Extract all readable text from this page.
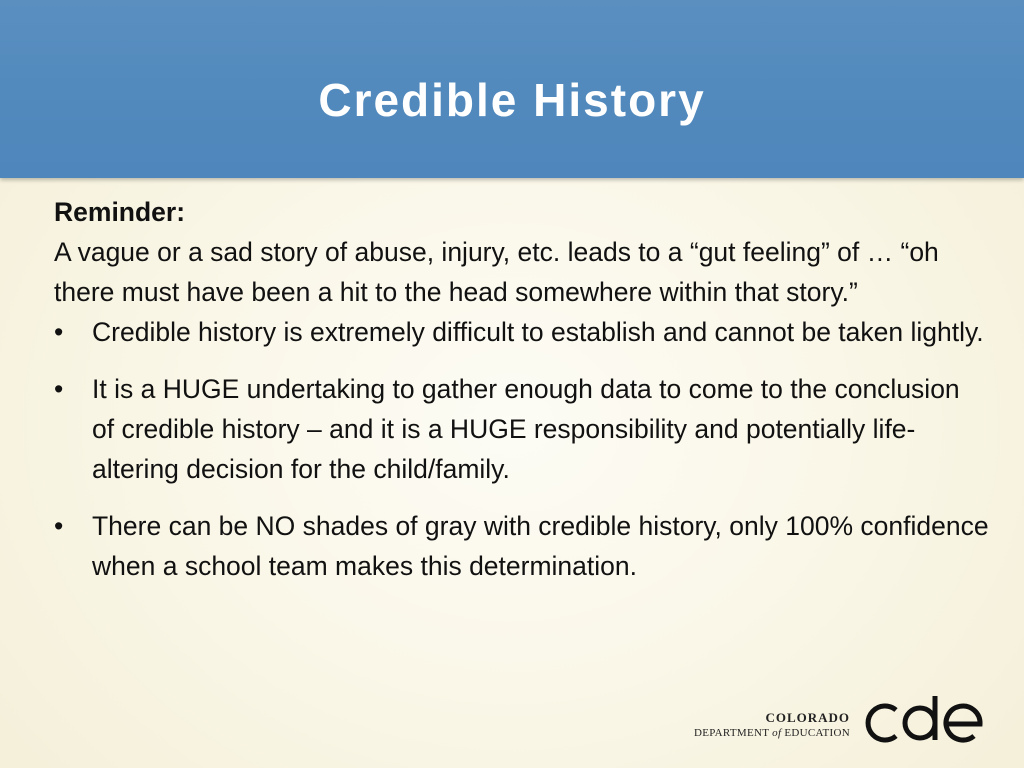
Credible History
Reminder:

A vague or a sad story of abuse, injury, etc. leads to a “gut feeling” of … “oh there must have been a hit to the head somewhere within that story.”

•	Credible history is extremely difficult to establish and cannot be taken lightly.
•	It is a HUGE undertaking to gather enough data to come to the conclusion of credible history – and it is a HUGE responsibility and potentially life-altering decision for the child/family.
•	There can be NO shades of gray with credible history, only 100% confidence when a school team makes this determination.
COLORADO
DEPARTMENT of EDUCATION
